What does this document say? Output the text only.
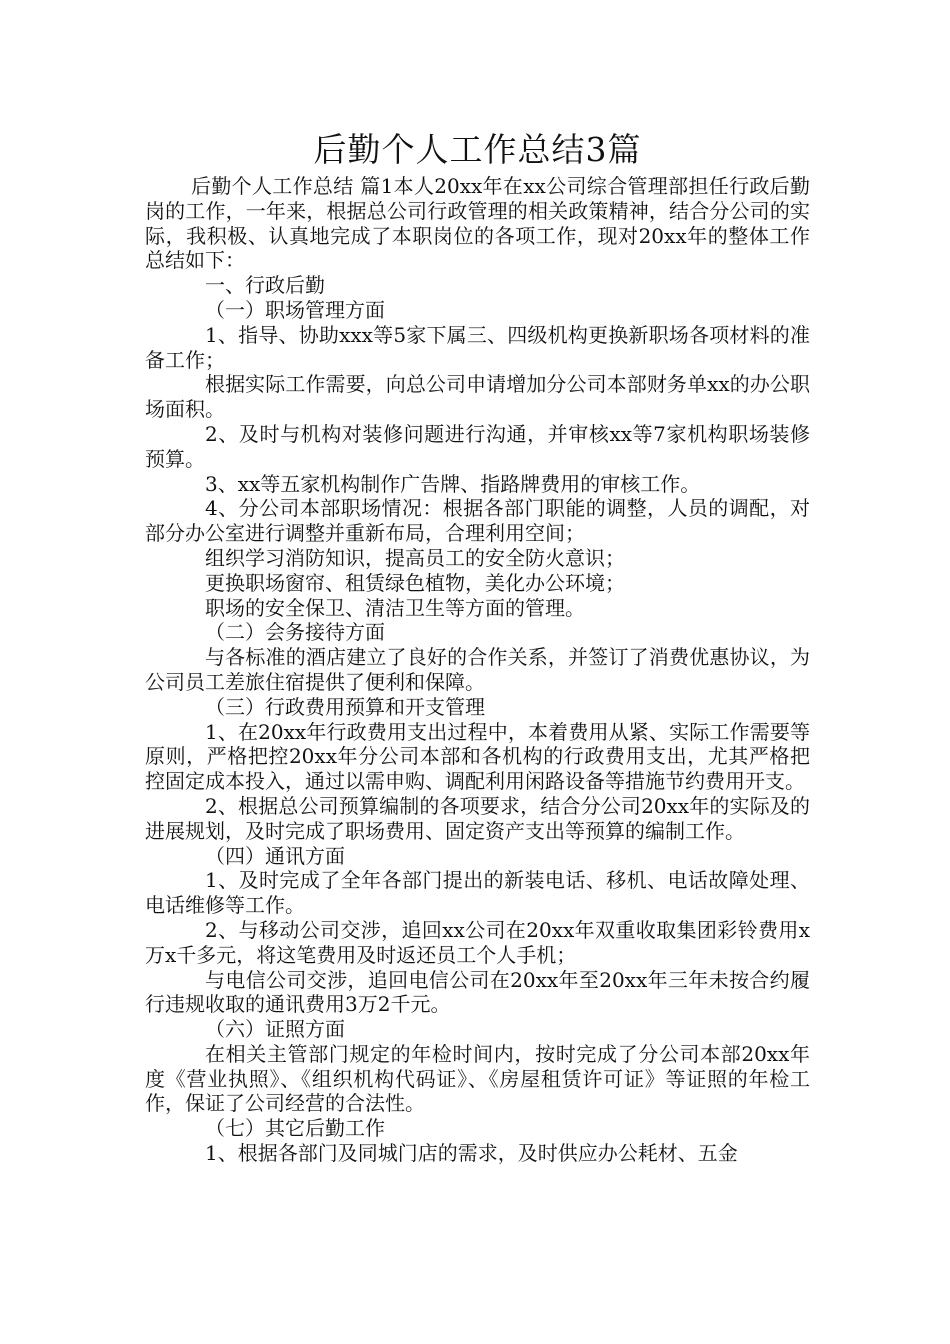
后勤个人工作总结3篇

后勤个人工作总结 篇1本人20xx年在xx公司综合管理部担任行政后勤岗的工作，一年来，根据总公司行政管理的相关政策精神，结合分公司的实际，我积极、认真地完成了本职岗位的各项工作，现对20xx年的整体工作总结如下：

一、行政后勤

（一）职场管理方面

1、指导、协助xxx等5家下属三、四级机构更换新职场各项材料的准备工作；

根据实际工作需要，向总公司申请增加分公司本部财务单xx的办公职场面积。

2、及时与机构对装修问题进行沟通，并审核xx等7家机构职场装修预算。

3、xx等五家机构制作广告牌、指路牌费用的审核工作。

4、分公司本部职场情况：根据各部门职能的调整，人员的调配，对部分办公室进行调整并重新布局，合理利用空间；

组织学习消防知识，提高员工的安全防火意识；

更换职场窗帘、租赁绿色植物，美化办公环境；

职场的安全保卫、清洁卫生等方面的管理。

（二）会务接待方面

与各标准的酒店建立了良好的合作关系，并签订了消费优惠协议，为公司员工差旅住宿提供了便利和保障。

（三）行政费用预算和开支管理

1、在20xx年行政费用支出过程中，本着费用从紧、实际工作需要等原则，严格把控20xx年分公司本部和各机构的行政费用支出，尤其严格把控固定成本投入，通过以需申购、调配利用闲路设备等措施节约费用开支。

2、根据总公司预算编制的各项要求，结合分公司20xx年的实际及的进展规划，及时完成了职场费用、固定资产支出等预算的编制工作。

（四）通讯方面

1、及时完成了全年各部门提出的新装电话、移机、电话故障处理、电话维修等工作。

2、与移动公司交涉，追回xx公司在20xx年双重收取集团彩铃费用x万x千多元，将这笔费用及时返还员工个人手机；

与电信公司交涉，追回电信公司在20xx年至20xx年三年未按合约履行违规收取的通讯费用3万2千元。

（六）证照方面

在相关主管部门规定的年检时间内，按时完成了分公司本部20xx年度《营业执照》、《组织机构代码证》、《房屋租赁许可证》等证照的年检工作，保证了公司经营的合法性。

（七）其它后勤工作

1、根据各部门及同城门店的需求，及时供应办公耗材、五金
